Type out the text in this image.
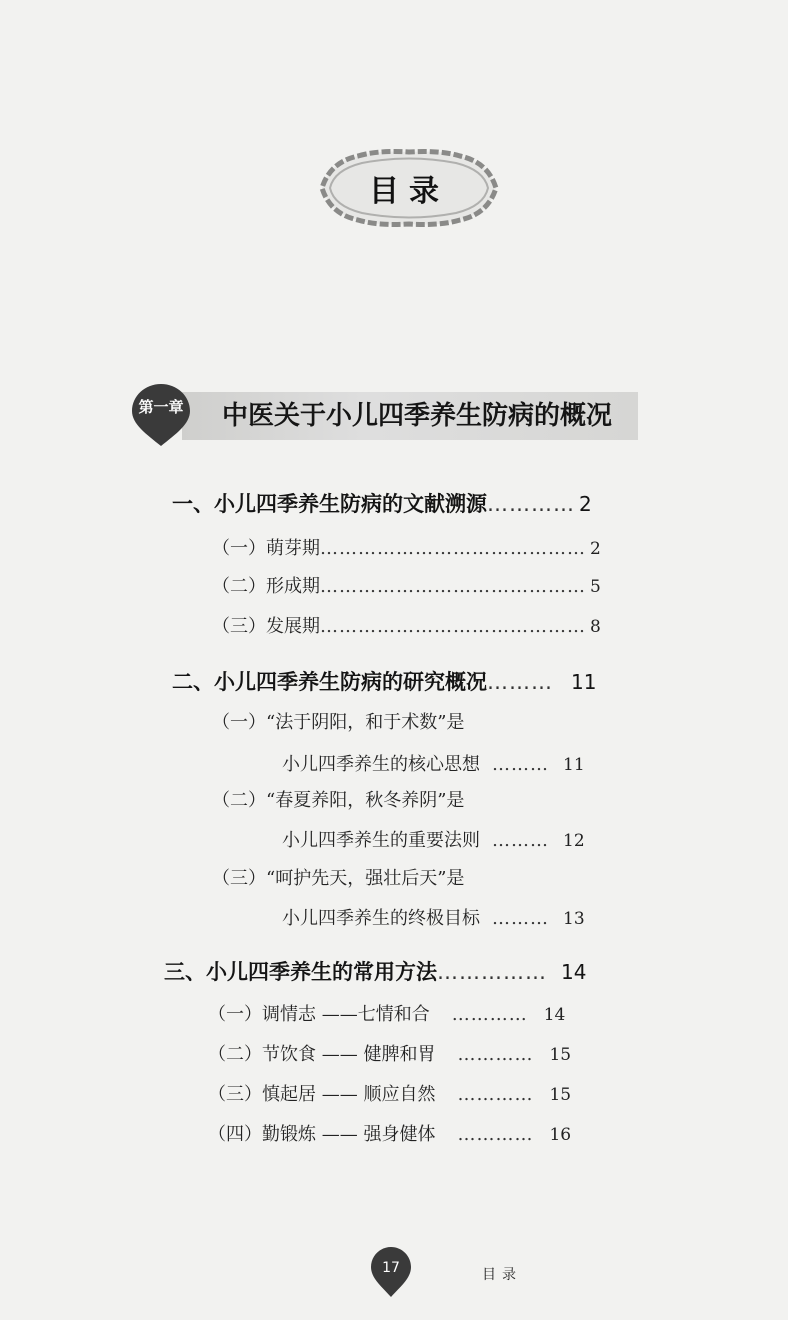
目录
第一章 中医关于小儿四季养生防病的概况
一、小儿四季养生防病的文献溯源 ………… 2
（一）萌芽期 …………………………………… 2
（二）形成期 …………………………………… 5
（三）发展期 …………………………………… 8
二、小儿四季养生防病的研究概况 ……… 11
（一）“法于阴阳，和于术数”是
小儿四季养生的核心思想 ……… 11
（二）“春夏养阳，秋冬养阴”是
小儿四季养生的重要法则 ……… 12
（三）“呵护先天，强壮后天”是
小儿四季养生的终极目标 ……… 13
三、小儿四季养生的常用方法 …………… 14
（一）调情志 ——七情和合 ………… 14
（二）节饮食 —— 健脾和胃 ………… 15
（三）慎起居 —— 顺应自然 ………… 15
（四）勤锻炼 —— 强身健体 ………… 16
17	目录
